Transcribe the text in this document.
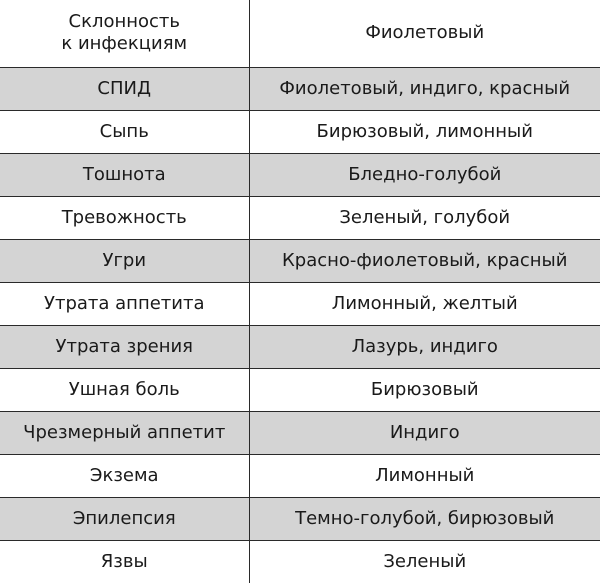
Склонность
к инфекциям	Фиолетовый
СПИД	Фиолетовый, индиго, красный
Сыпь	Бирюзовый, лимонный
Тошнота	Бледно-голубой
Тревожность	Зеленый, голубой
Угри	Красно-фиолетовый, красный
Утрата аппетита	Лимонный, желтый
Утрата зрения	Лазурь, индиго
Ушная боль	Бирюзовый
Чрезмерный аппетит	Индиго
Экзема	Лимонный
Эпилепсия	Темно-голубой, бирюзовый
Язвы	Зеленый
